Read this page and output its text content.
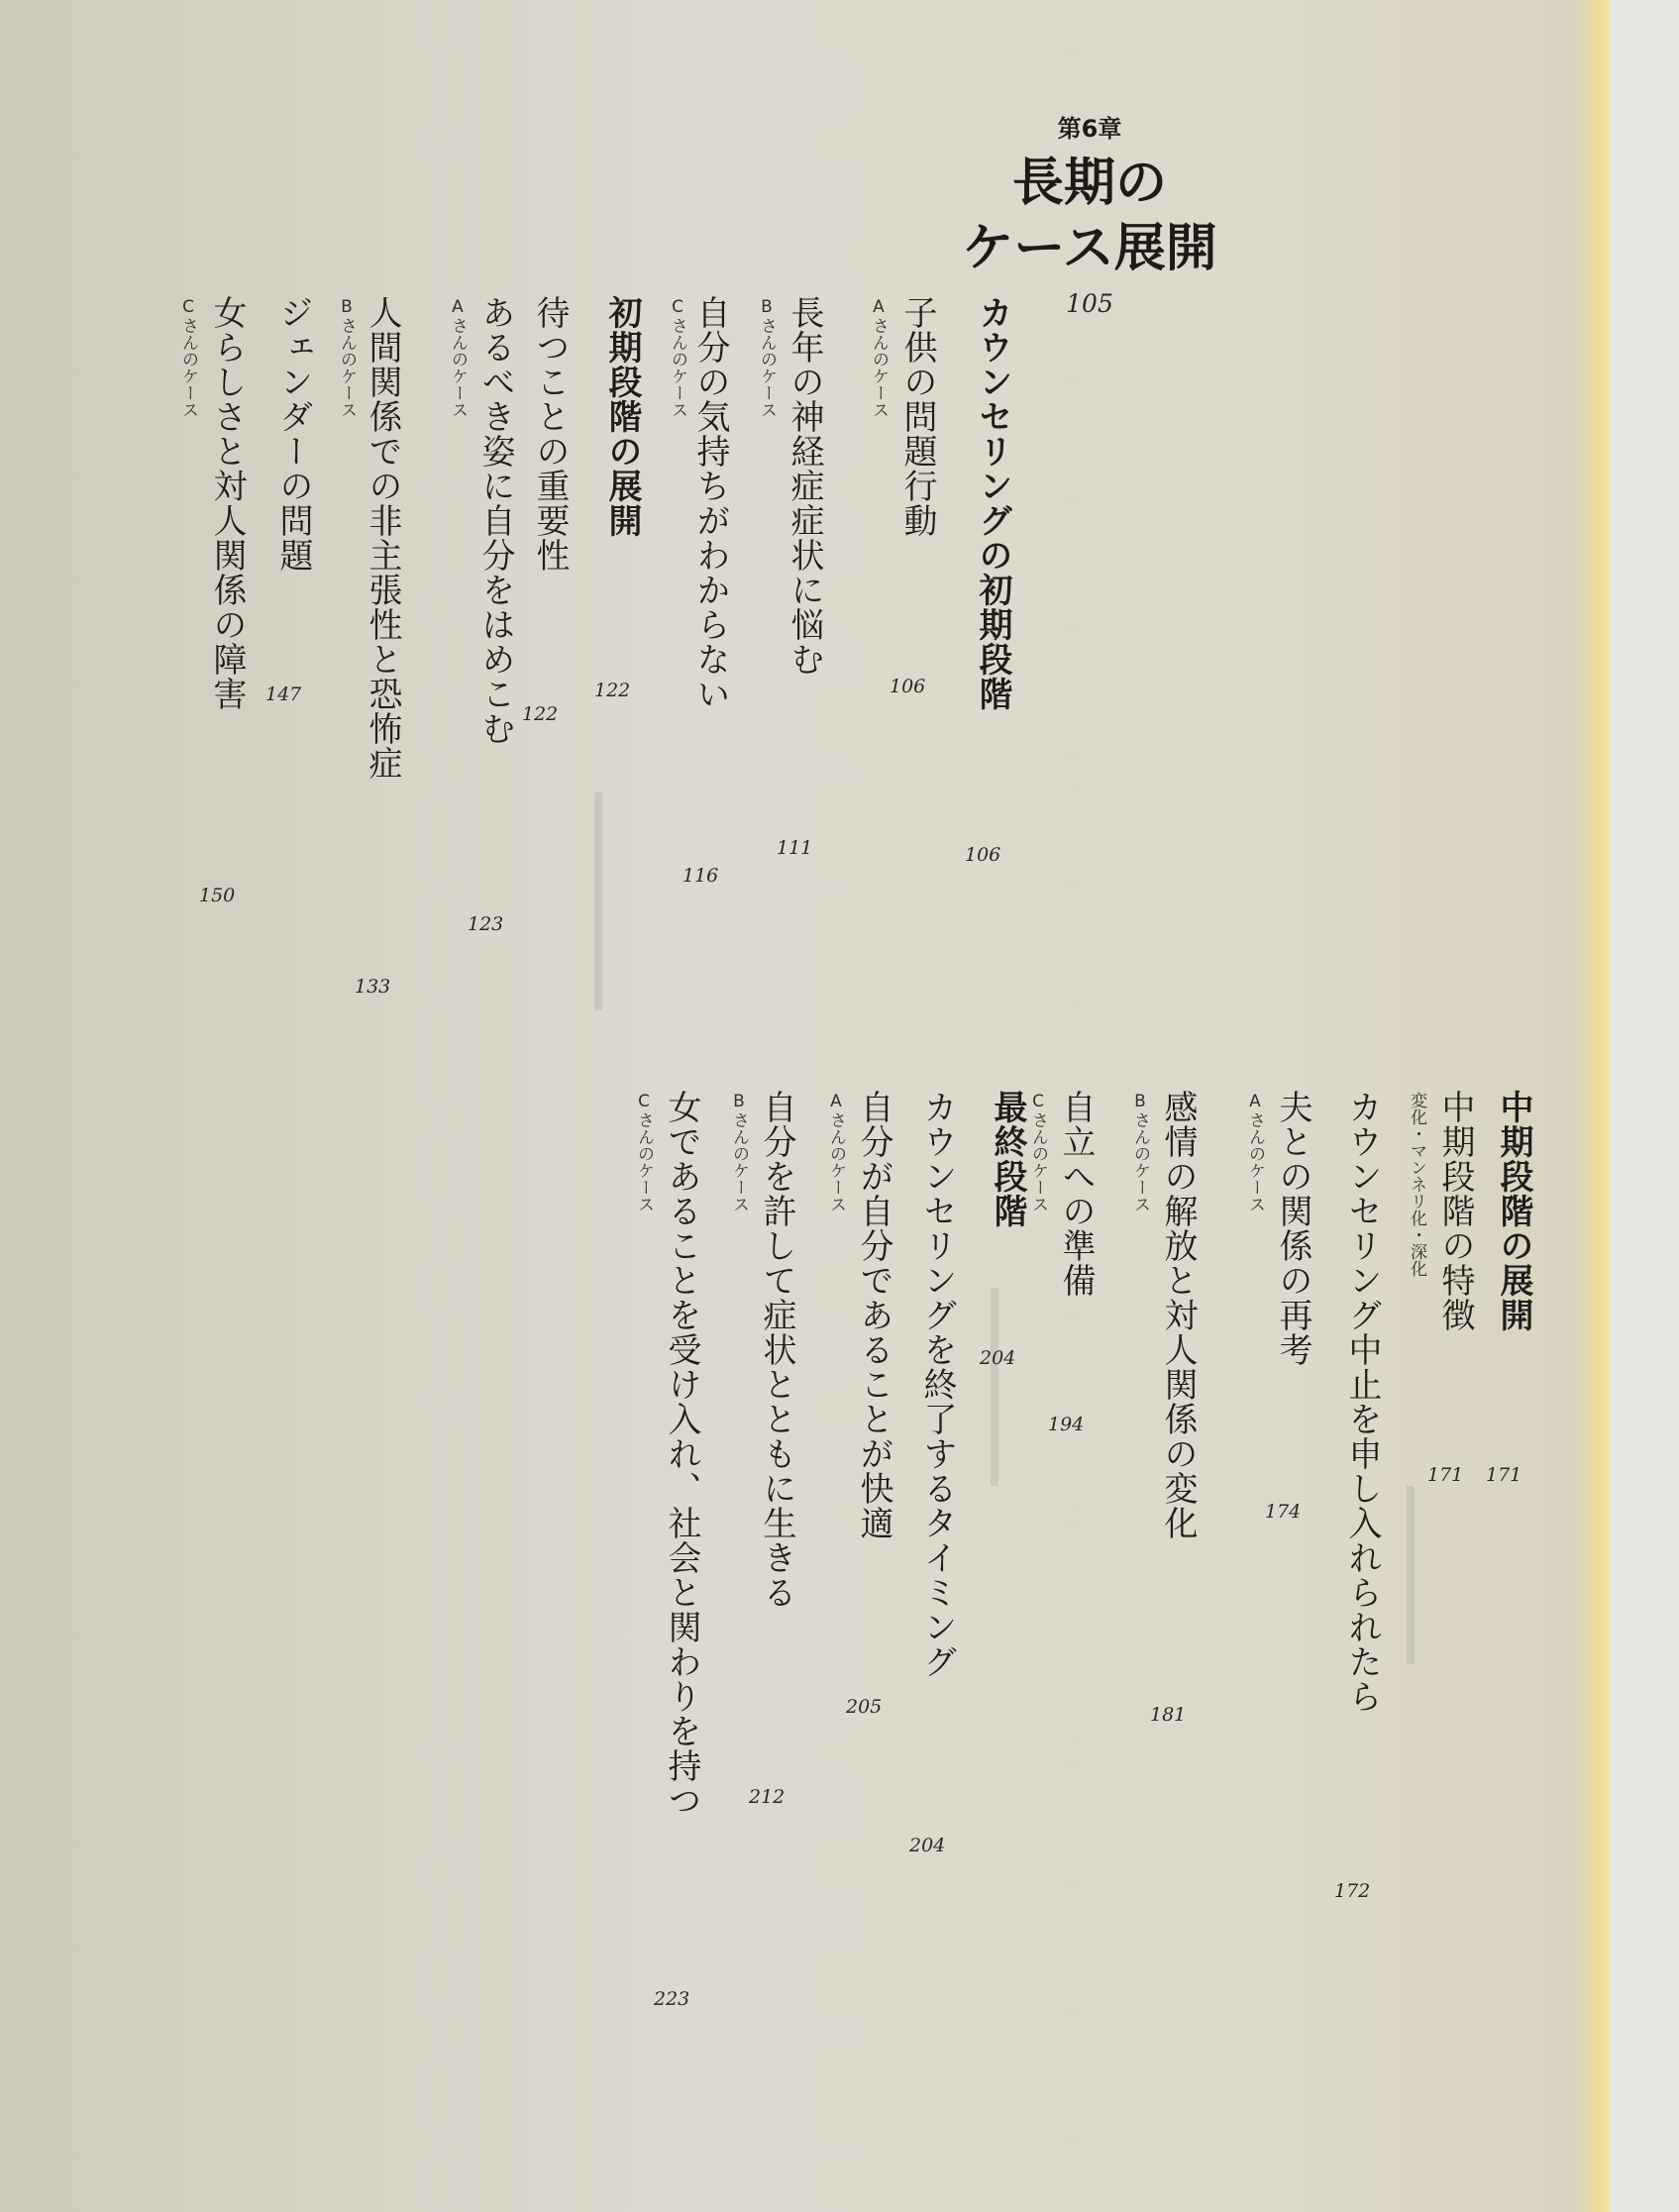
第6章
長期の
ケース展開
105
カウンセリングの初期段階
106
子供の問題行動
Aさんのケース
106
長年の神経症症状に悩む
Bさんのケース
111
自分の気持ちがわからない
Cさんのケース
116
初期段階の展開
122
待つことの重要性
122
あるべき姿に自分をはめこむ
Aさんのケース
123
人間関係での非主張性と恐怖症
Bさんのケース
133
ジェンダーの問題
147
女らしさと対人関係の障害
Cさんのケース
150
中期段階の展開
171
中期段階の特徴
変化・マンネリ化・深化
171
カウンセリング中止を申し入れられたら
172
夫との関係の再考
Aさんのケース
174
感情の解放と対人関係の変化
Bさんのケース
181
自立への準備
Cさんのケース
194
最終段階
204
カウンセリングを終了するタイミング
204
自分が自分であることが快適
Aさんのケース
205
自分を許して症状とともに生きる
Bさんのケース
212
女であることを受け入れ、社会と関わりを持つ
Cさんのケース
223
